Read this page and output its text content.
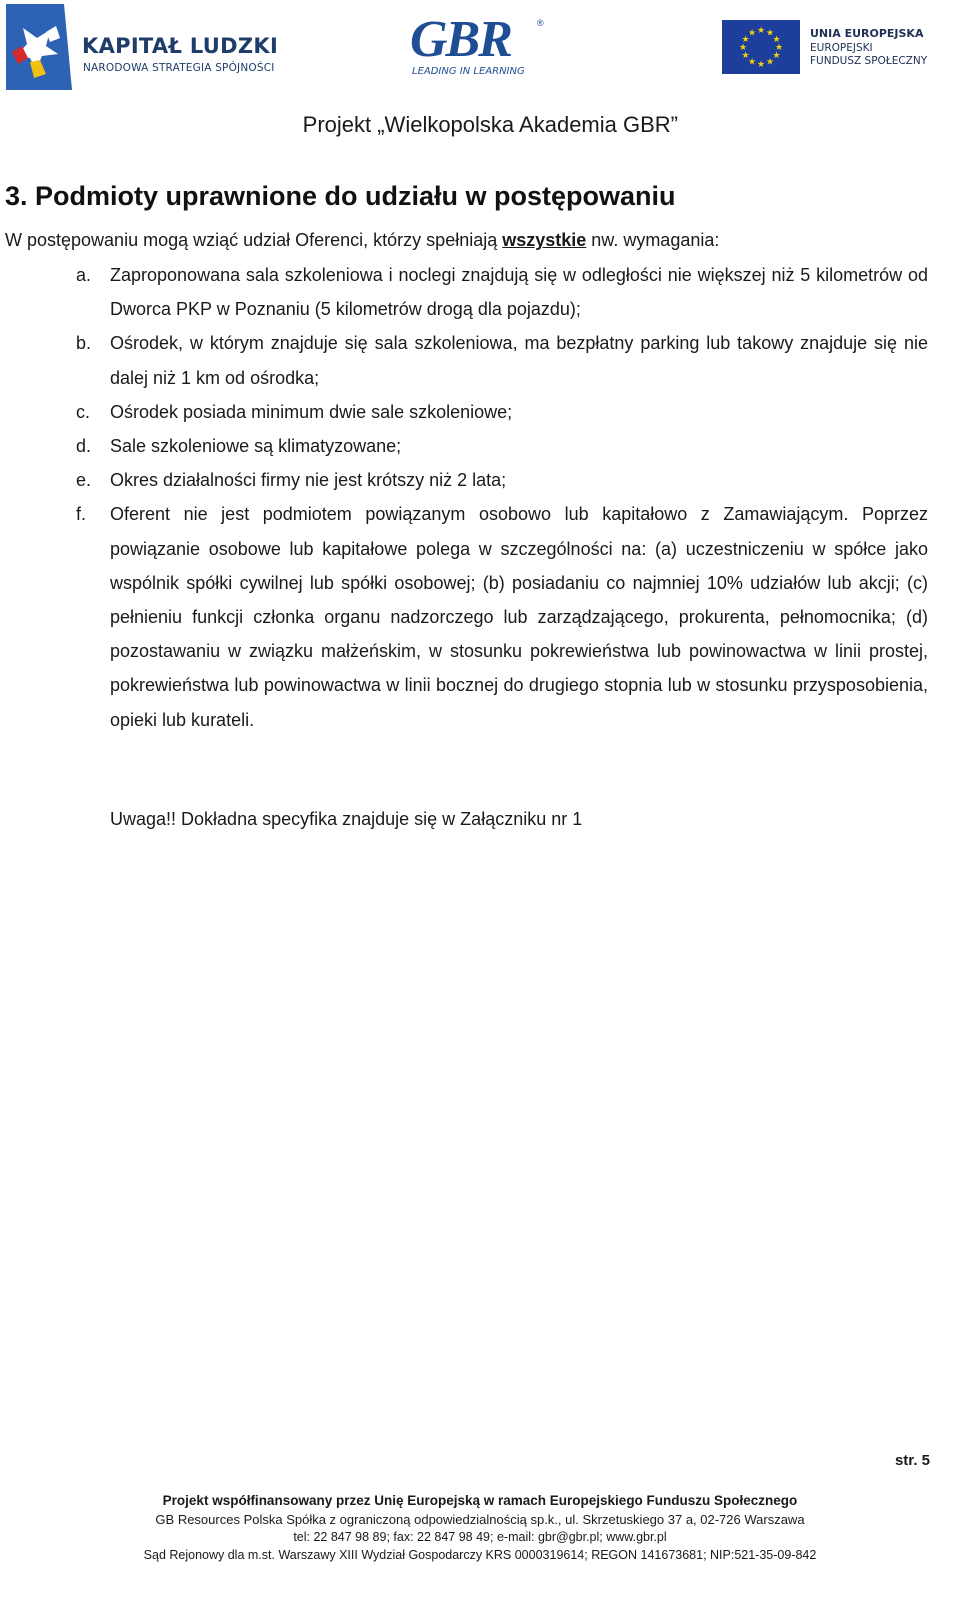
KAPITAŁ LUDZKI
NARODOWA STRATEGIA SPÓJNOŚCI	GBR	®
LEADING IN LEARNING
★ ★
★
★
★
★
★
★
★
★
★
★	UNIA EUROPEJSKA
EUROPEJSKI
FUNDUSZ SPOŁECZNY
Projekt „Wielkopolska Akademia GBR”
3. Podmioty uprawnione do udziału w postępowaniu
W postępowaniu mogą wziąć udział Oferenci, którzy spełniają wszystkie nw. wymagania:
a. Zaproponowana sala szkoleniowa i noclegi znajdują się w odległości nie większej niż 5 kilometrów od Dworca PKP w Poznaniu (5 kilometrów drogą dla pojazdu);
b. Ośrodek, w którym znajduje się sala szkoleniowa, ma bezpłatny parking lub takowy znajduje się nie dalej niż 1 km od ośrodka;
c. Ośrodek posiada minimum dwie sale szkoleniowe;
d. Sale szkoleniowe są klimatyzowane;
e. Okres działalności firmy nie jest krótszy niż 2 lata;
f. Oferent nie jest podmiotem powiązanym osobowo lub kapitałowo z Zamawiającym. Poprzez powiązanie osobowe lub kapitałowe polega w szczególności na: (a) uczestniczeniu w spółce jako wspólnik spółki cywilnej lub spółki osobowej; (b) posiadaniu co najmniej 10% udziałów lub akcji; (c) pełnieniu funkcji członka organu nadzorczego lub zarządzającego, prokurenta, pełnomocnika; (d) pozostawaniu w związku małżeńskim, w stosunku pokrewieństwa lub powinowactwa w linii prostej, pokrewieństwa lub powinowactwa w linii bocznej do drugiego stopnia lub w stosunku przysposobienia, opieki lub kurateli.
Uwaga!! Dokładna specyfika znajduje się w Załączniku nr 1
str. 5
Projekt współfinansowany przez Unię Europejską w ramach Europejskiego Funduszu Społecznego
GB Resources Polska Spółka z ograniczoną odpowiedzialnością sp.k., ul. Skrzetuskiego 37 a, 02-726 Warszawa
tel: 22 847 98 89; fax: 22 847 98 49; e-mail: gbr@gbr.pl; www.gbr.pl
Sąd Rejonowy dla m.st. Warszawy XIII Wydział Gospodarczy KRS 0000319614; REGON 141673681; NIP:521-35-09-842
